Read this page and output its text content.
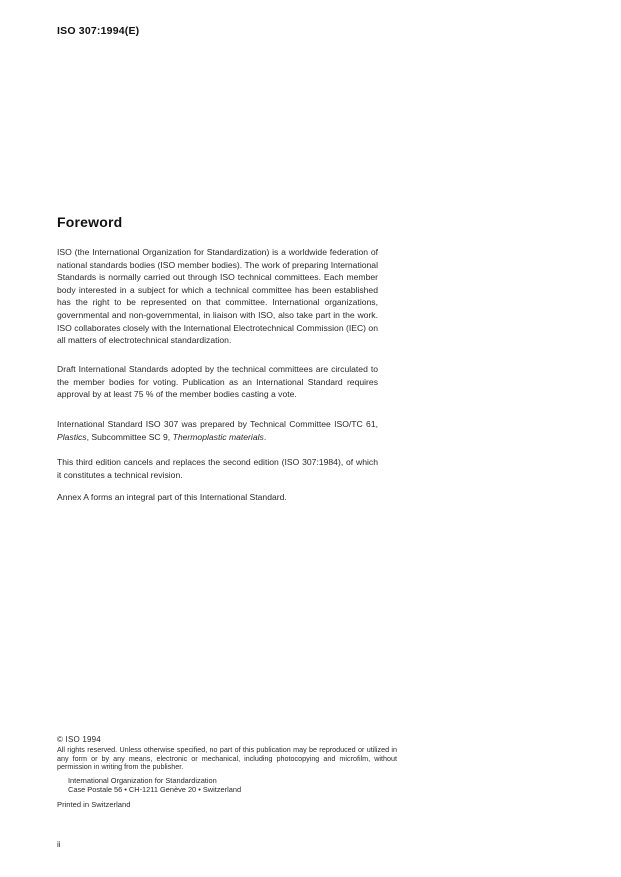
ISO 307:1994(E)
Foreword
ISO (the International Organization for Standardization) is a worldwide federation of national standards bodies (ISO member bodies). The work of preparing International Standards is normally carried out through ISO technical committees. Each member body interested in a subject for which a technical committee has been established has the right to be represented on that committee. International organizations, governmental and non-governmental, in liaison with ISO, also take part in the work. ISO collaborates closely with the International Electrotechnical Commission (IEC) on all matters of electrotechnical standardization.
Draft International Standards adopted by the technical committees are circulated to the member bodies for voting. Publication as an International Standard requires approval by at least 75 % of the member bodies casting a vote.
International Standard ISO 307 was prepared by Technical Committee ISO/TC 61, Plastics, Subcommittee SC 9, Thermoplastic materials.
This third edition cancels and replaces the second edition (ISO 307:1984), of which it constitutes a technical revision.
Annex A forms an integral part of this International Standard.
© ISO 1994
All rights reserved. Unless otherwise specified, no part of this publication may be reproduced or utilized in any form or by any means, electronic or mechanical, including photocopying and microfilm, without permission in writing from the publisher.
International Organization for Standardization
Case Postale 56 • CH-1211 Genève 20 • Switzerland
Printed in Switzerland
ii
